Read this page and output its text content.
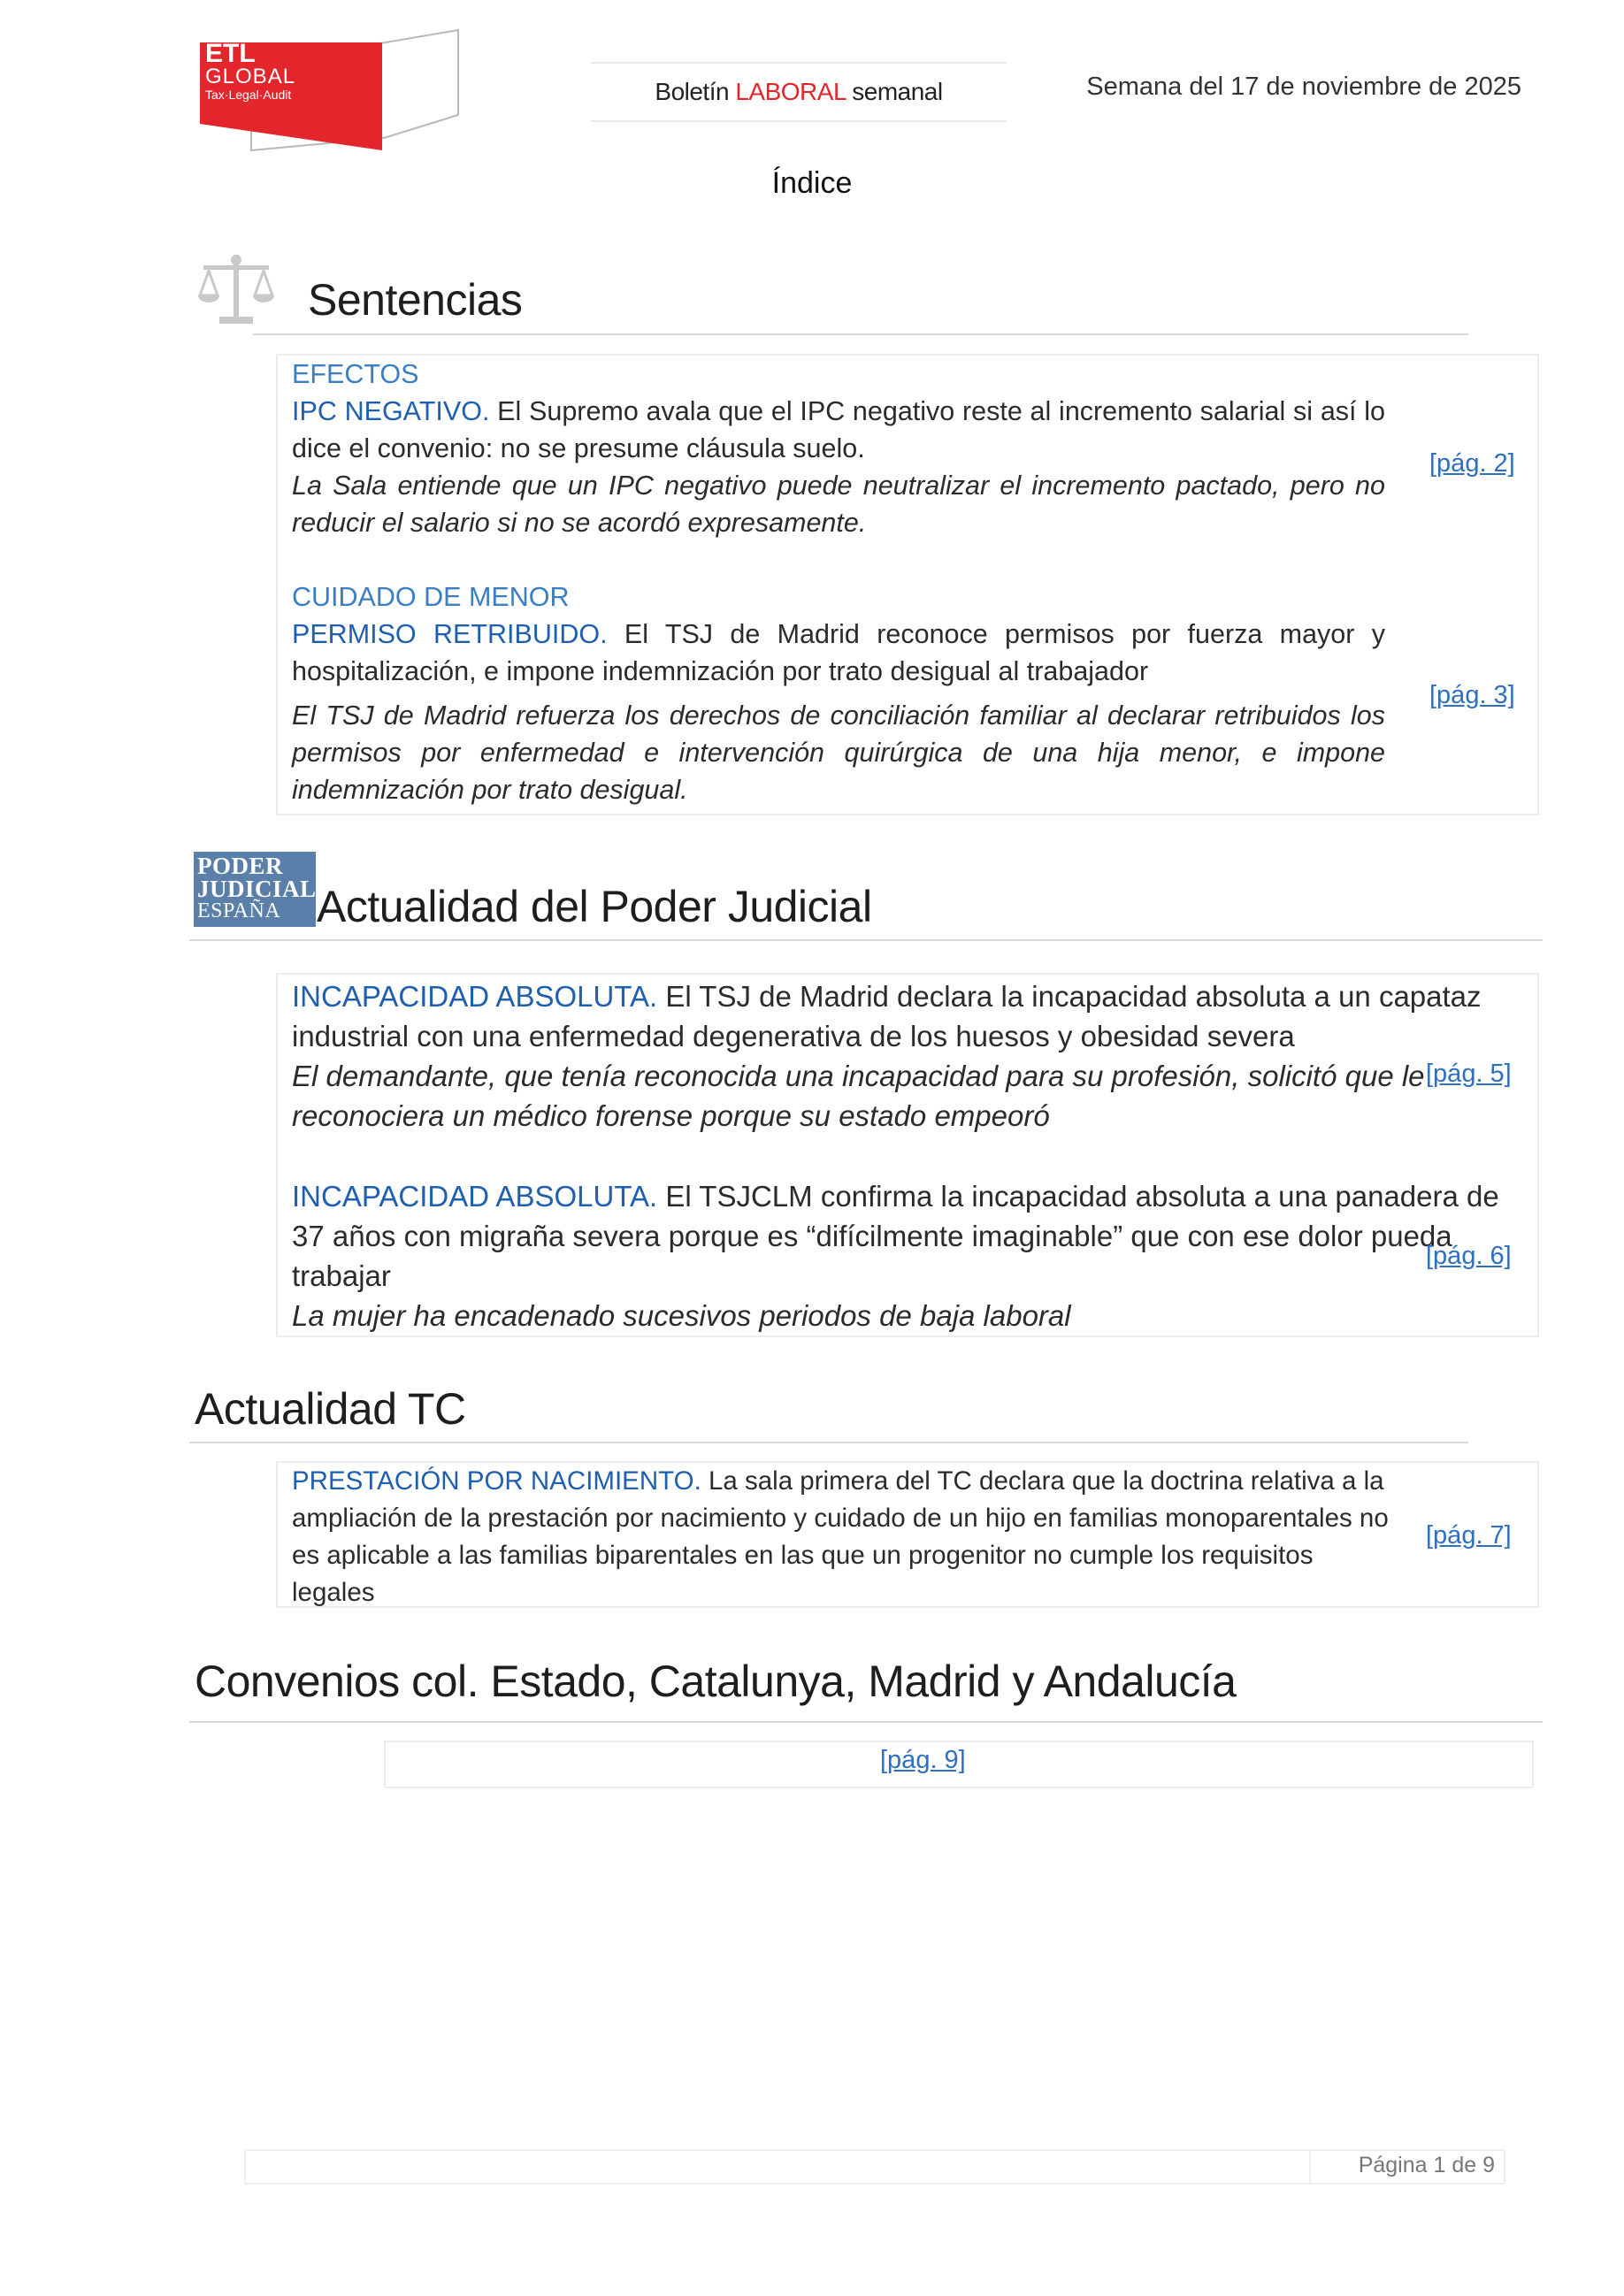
ETL
GLOBAL
Tax·Legal·Audit	Boletín LABORAL semanal	Semana del 17 de noviembre de 2025
Índice
Sentencias

EFECTOS

IPC NEGATIVO. El Supremo avala que el IPC negativo reste al incremento salarial si así lo dice el convenio: no se presume cláusula suelo.

La Sala entiende que un IPC negativo puede neutralizar el incremento pactado, pero no reducir el salario si no se acordó expresamente.

[pág. 2]

CUIDADO DE MENOR

PERMISO RETRIBUIDO. El TSJ de Madrid reconoce permisos por fuerza mayor y hospitalización, e impone indemnización por trato desigual al trabajador

El TSJ de Madrid refuerza los derechos de conciliación familiar al declarar retribuidos los permisos por enfermedad e intervención quirúrgica de una hija menor, e impone indemnización por trato desigual.

[pág. 3]
PODER
JUDICIAL
ESPAÑA Actualidad del Poder Judicial

INCAPACIDAD ABSOLUTA. El TSJ de Madrid declara la incapacidad absoluta a un capataz

industrial con una enfermedad degenerativa de los huesos y obesidad severa

El demandante, que tenía reconocida una incapacidad para su profesión, solicitó que le

reconociera un médico forense porque su estado empeoró

[pág. 5]

INCAPACIDAD ABSOLUTA. El TSJCLM confirma la incapacidad absoluta a una panadera de

37 años con migraña severa porque es “difícilmente imaginable” que con ese dolor pueda

trabajar

La mujer ha encadenado sucesivos periodos de baja laboral

[pág. 6]
Actualidad TC

PRESTACIÓN POR NACIMIENTO. La sala primera del TC declara que la doctrina relativa a la ampliación de la prestación por nacimiento y cuidado de un hijo en familias monoparentales no es aplicable a las familias biparentales en las que un progenitor no cumple los requisitos legales

[pág. 7]
Convenios col. Estado, Catalunya, Madrid y Andalucía
[pág. 9]
Página 1 de 9
